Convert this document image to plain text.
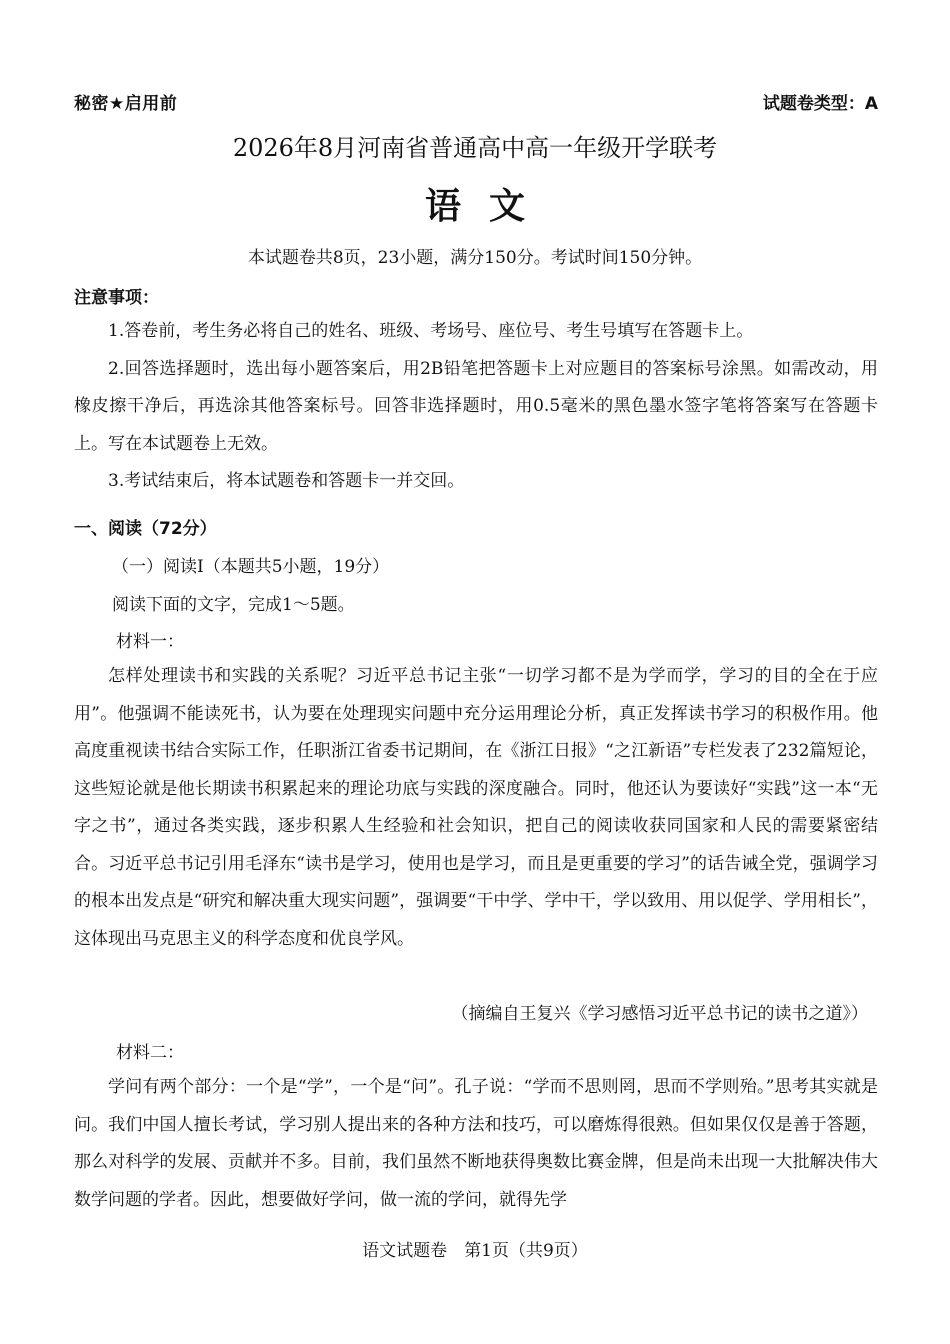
秘密★启用前	试题卷类型：A
2026年8月河南省普通高中高一年级开学联考
语文
本试题卷共8页，23小题，满分150分。考试时间150分钟。
注意事项：

1.答卷前，考生务必将自己的姓名、班级、考场号、座位号、考生号填写在答题卡上。

2.回答选择题时，选出每小题答案后，用2B铅笔把答题卡上对应题目的答案标号涂黑。如需改动，用橡皮擦干净后，再选涂其他答案标号。回答非选择题时，用0.5毫米的黑色墨水签字笔将答案写在答题卡上。写在本试题卷上无效。

3.考试结束后，将本试题卷和答题卡一并交回。

一、阅读（72分）
（一）阅读Ⅰ（本题共5小题，19分）
阅读下面的文字，完成1～5题。
材料一：

怎样处理读书和实践的关系呢？习近平总书记主张“一切学习都不是为学而学，学习的目的全在于应用”。他强调不能读死书，认为要在处理现实问题中充分运用理论分析，真正发挥读书学习的积极作用。他高度重视读书结合实际工作，任职浙江省委书记期间，在《浙江日报》“之江新语”专栏发表了232篇短论，这些短论就是他长期读书积累起来的理论功底与实践的深度融合。同时，他还认为要读好“实践”这一本“无字之书”，通过各类实践，逐步积累人生经验和社会知识，把自己的阅读收获同国家和人民的需要紧密结合。习近平总书记引用毛泽东“读书是学习，使用也是学习，而且是更重要的学习”的话告诫全党，强调学习的根本出发点是“研究和解决重大现实问题”，强调要“干中学、学中干，学以致用、用以促学、学用相长”，这体现出马克思主义的科学态度和优良学风。

（摘编自王复兴《学习感悟习近平总书记的读书之道》）
材料二：

学问有两个部分：一个是“学”，一个是“问”。孔子说：“学而不思则罔，思而不学则殆。”思考其实就是问。我们中国人擅长考试，学习别人提出来的各种方法和技巧，可以磨炼得很熟。但如果仅仅是善于答题，那么对科学的发展、贡献并不多。目前，我们虽然不断地获得奥数比赛金牌，但是尚未出现一大批解决伟大数学问题的学者。因此，想要做好学问，做一流的学问，就得先学

语文试题卷　第1页（共9页）
